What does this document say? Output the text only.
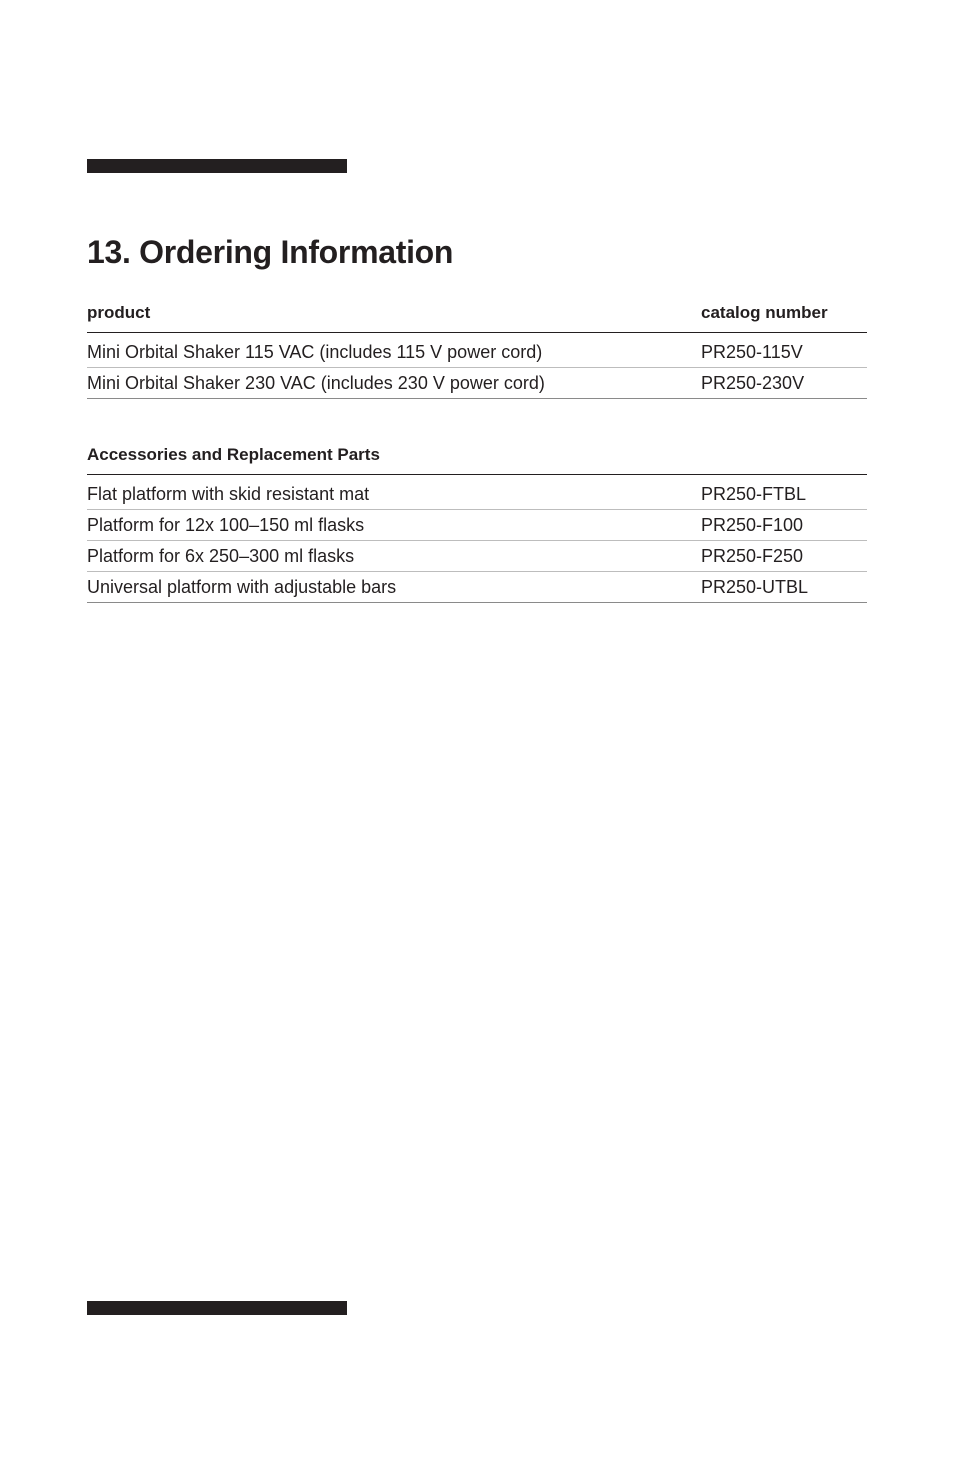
13. Ordering Information
product	catalog number
Mini Orbital Shaker 115 VAC (includes 115 V power cord)	PR250-115V
Mini Orbital Shaker 230 VAC (includes 230 V power cord)	PR250-230V
Accessories and Replacement Parts	
Flat platform with skid resistant mat	PR250-FTBL
Platform for 12x 100–150 ml flasks	PR250-F100
Platform for 6x 250–300 ml flasks	PR250-F250
Universal platform with adjustable bars	PR250-UTBL
